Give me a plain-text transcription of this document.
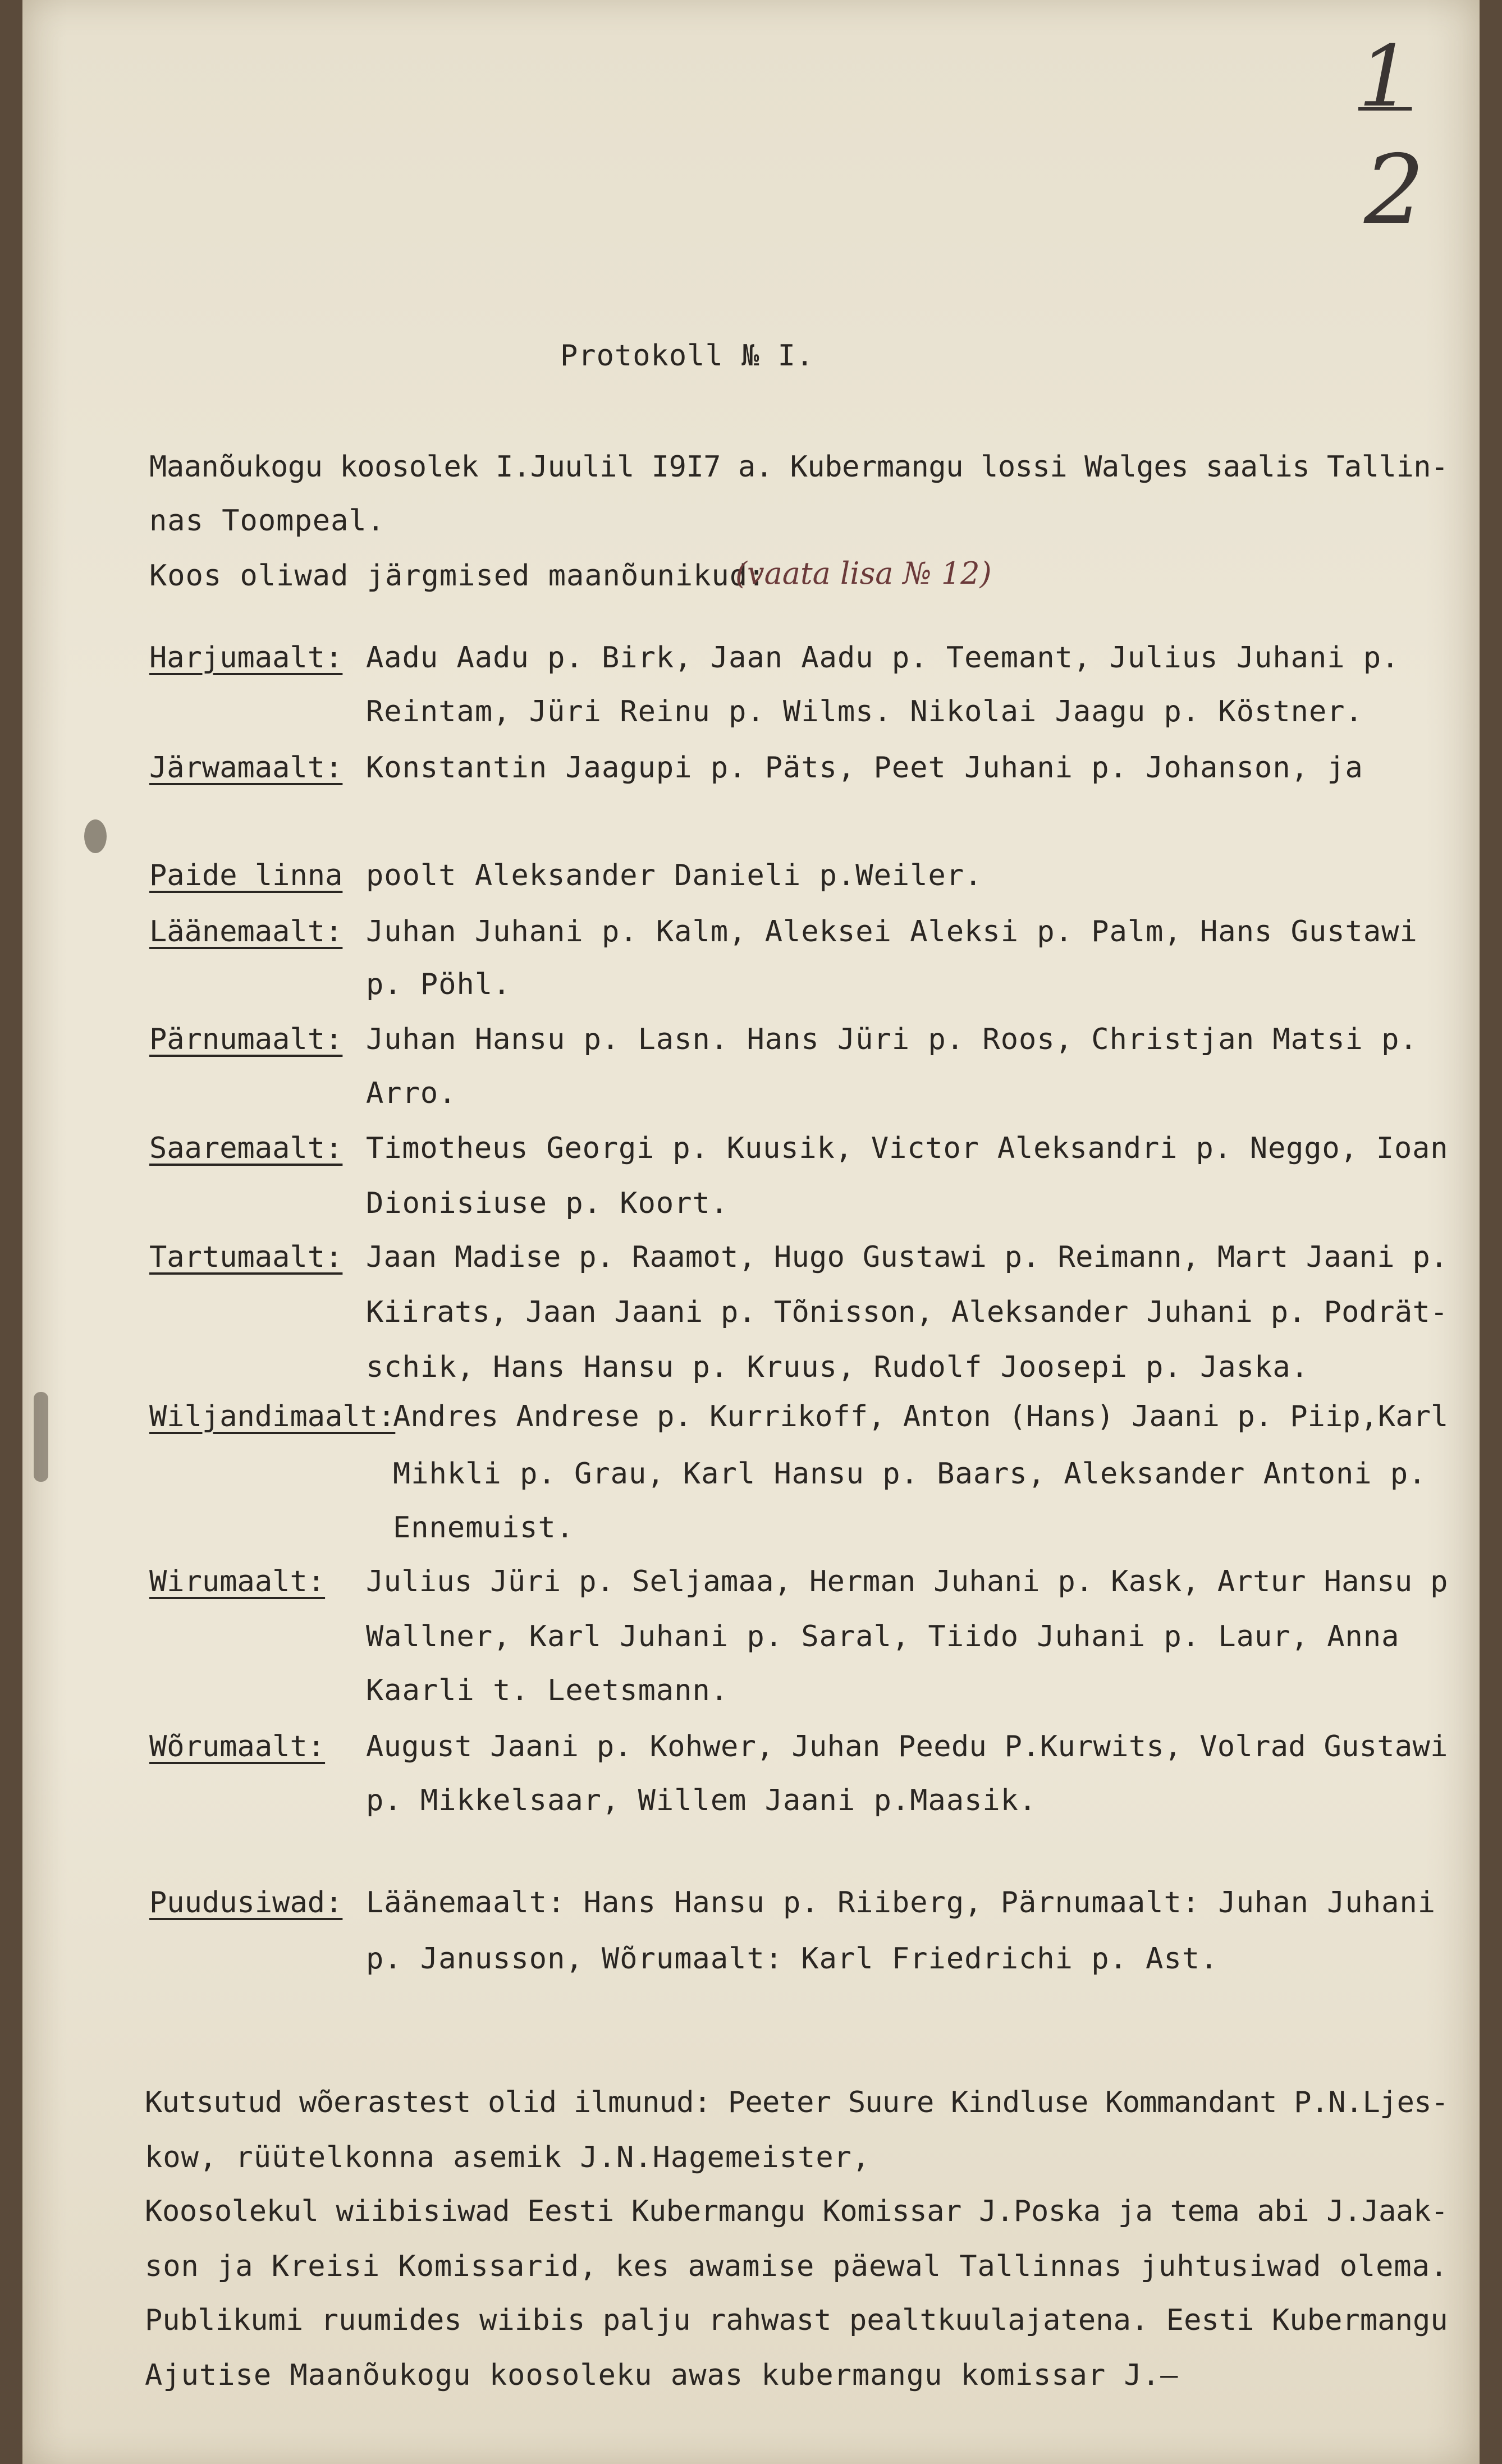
1
2
Protokoll № I.
Maanõukogu koosolek I.Juulil I9I7 a. Kubermangu lossi Walges saalis Tallin-
nas Toompeal.
Koos oliwad järgmised maanõunikud:
(vaata lisa № 12)
Harjumaalt: Aadu Aadu p. Birk, Jaan Aadu p. Teemant, Julius Juhani p.
Reintam, Jüri Reinu p. Wilms. Nikolai Jaagu p. Köstner.
Järwamaalt: Konstantin Jaagupi p. Päts, Peet Juhani p. Johanson, ja
Paide linna poolt Aleksander Danieli p.Weiler.
Läänemaalt: Juhan Juhani p. Kalm, Aleksei Aleksi p. Palm, Hans Gustawi
p. Pöhl.
Pärnumaalt: Juhan Hansu p. Lasn. Hans Jüri p. Roos, Christjan Matsi p.
Arro.
Saaremaalt: Timotheus Georgi p. Kuusik, Victor Aleksandri p. Neggo, Ioan
Dionisiuse p. Koort.
Tartumaalt: Jaan Madise p. Raamot, Hugo Gustawi p. Reimann, Mart Jaani p.
Kiirats, Jaan Jaani p. Tõnisson, Aleksander Juhani p. Podrät-
schik, Hans Hansu p. Kruus, Rudolf Joosepi p. Jaska.
Wiljandimaalt:
Andres Andrese p. Kurrikoff, Anton (Hans) Jaani p. Piip,Karl
Mihkli p. Grau, Karl Hansu p. Baars, Aleksander Antoni p.
Ennemuist.
Wirumaalt: Julius Jüri p. Seljamaa, Herman Juhani p. Kask, Artur Hansu p
Wallner, Karl Juhani p. Saral, Tiido Juhani p. Laur, Anna
Kaarli t. Leetsmann.
Wõrumaalt: August Jaani p. Kohwer, Juhan Peedu P.Kurwits, Volrad Gustawi
p. Mikkelsaar, Willem Jaani p.Maasik.
Puudusiwad: Läänemaalt: Hans Hansu p. Riiberg, Pärnumaalt: Juhan Juhani
p. Janusson, Wõrumaalt: Karl Friedrichi p. Ast.
Kutsutud wõerastest olid ilmunud: Peeter Suure Kindluse Kommandant P.N.Ljes-
kow, rüütelkonna asemik J.N.Hagemeister,
Koosolekul wiibisiwad Eesti Kubermangu Komissar J.Poska ja tema abi J.Jaak-
son ja Kreisi Komissarid, kes awamise päewal Tallinnas juhtusiwad olema.
Publikumi ruumides wiibis palju rahwast pealtkuulajatena. Eesti Kubermangu
Ajutise Maanõukogu koosoleku awas kubermangu komissar J.—
